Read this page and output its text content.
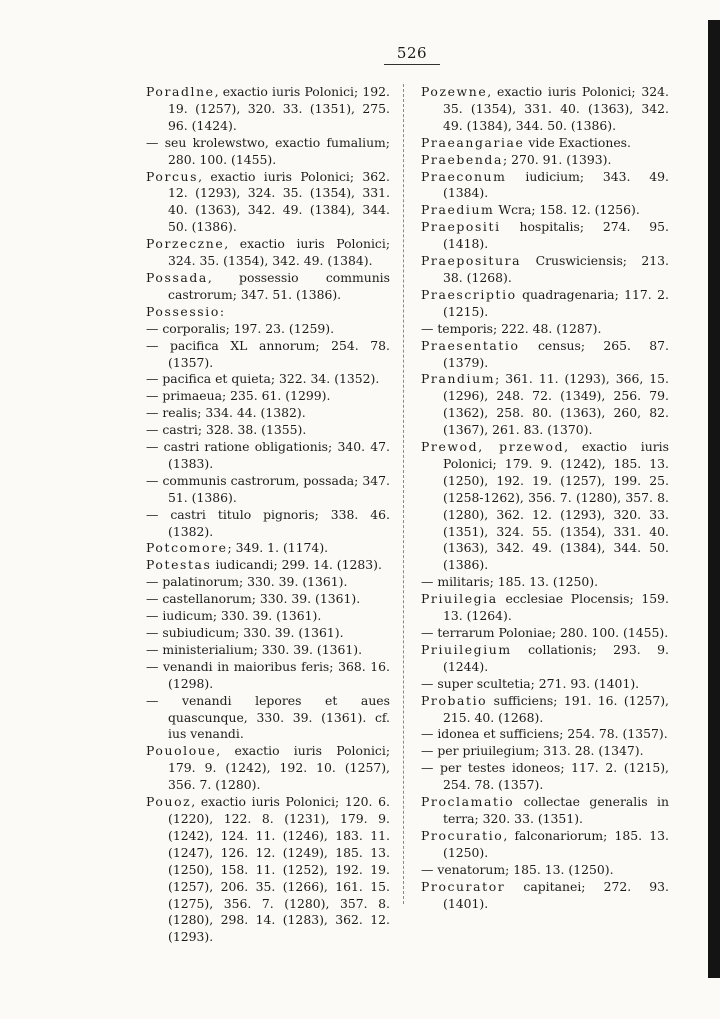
526

Poradlne, exactio iuris Polonici; 192. 19. (1257), 320. 33. (1351), 275. 96. (1424).

— seu krolewstwo, exactio fumalium; 280. 100. (1455).

Porcus, exactio iuris Polonici; 362. 12. (1293), 324. 35. (1354), 331. 40. (1363), 342. 49. (1384), 344. 50. (1386).

Porzeczne, exactio iuris Polonici; 324. 35. (1354), 342. 49. (1384).

Possada, possessio communis castrorum; 347. 51. (1386).

Possessio:

— corporalis; 197. 23. (1259).

— pacifica XL annorum; 254. 78. (1357).

— pacifica et quieta; 322. 34. (1352).

— primaeua; 235. 61. (1299).

— realis; 334. 44. (1382).

— castri; 328. 38. (1355).

— castri ratione obligationis; 340. 47. (1383).

— communis castrorum, possada; 347. 51. (1386).

— castri titulo pignoris; 338. 46. (1382).

Potcomore; 349. 1. (1174).

Potestas iudicandi; 299. 14. (1283).

— palatinorum; 330. 39. (1361).

— castellanorum; 330. 39. (1361).

— iudicum; 330. 39. (1361).

— subiudicum; 330. 39. (1361).

— ministerialium; 330. 39. (1361).

— venandi in maioribus feris; 368. 16. (1298).

— venandi lepores et aues quascunque, 330. 39. (1361). cf. ius venandi.

Pouoloue, exactio iuris Polonici; 179. 9. (1242), 192. 10. (1257), 356. 7. (1280).

Pouoz, exactio iuris Polonici; 120. 6. (1220), 122. 8. (1231), 179. 9. (1242), 124. 11. (1246), 183. 11. (1247), 126. 12. (1249), 185. 13. (1250), 158. 11. (1252), 192. 19. (1257), 206. 35. (1266), 161. 15. (1275), 356. 7. (1280), 357. 8. (1280), 298. 14. (1283), 362. 12. (1293).

Pozewne, exactio iuris Polonici; 324. 35. (1354), 331. 40. (1363), 342. 49. (1384), 344. 50. (1386).

Praeangariae vide Exactiones.

Praebenda; 270. 91. (1393).

Praeconum iudicium; 343. 49. (1384).

Praedium Wcra; 158. 12. (1256).

Praepositi hospitalis; 274. 95. (1418).

Praepositura Cruswiciensis; 213. 38. (1268).

Praescriptio quadragenaria; 117. 2. (1215).

— temporis; 222. 48. (1287).

Praesentatio census; 265. 87. (1379).

Prandium; 361. 11. (1293), 366, 15. (1296), 248. 72. (1349), 256. 79. (1362), 258. 80. (1363), 260, 82. (1367), 261. 83. (1370).

Prewod, przewod, exactio iuris Polonici; 179. 9. (1242), 185. 13. (1250), 192. 19. (1257), 199. 25. (1258-1262), 356. 7. (1280), 357. 8. (1280), 362. 12. (1293), 320. 33. (1351), 324. 55. (1354), 331. 40. (1363), 342. 49. (1384), 344. 50. (1386).

— militaris; 185. 13. (1250).

Priuilegia ecclesiae Plocensis; 159. 13. (1264).

— terrarum Poloniae; 280. 100. (1455).

Priuilegium collationis; 293. 9. (1244).

— super scultetia; 271. 93. (1401).

Probatio sufficiens; 191. 16. (1257), 215. 40. (1268).

— idonea et sufficiens; 254. 78. (1357).

— per priuilegium; 313. 28. (1347).

— per testes idoneos; 117. 2. (1215), 254. 78. (1357).

Proclamatio collectae generalis in terra; 320. 33. (1351).

Procuratio, falconariorum; 185. 13. (1250).

— venatorum; 185. 13. (1250).

Procurator capitanei; 272. 93. (1401).
